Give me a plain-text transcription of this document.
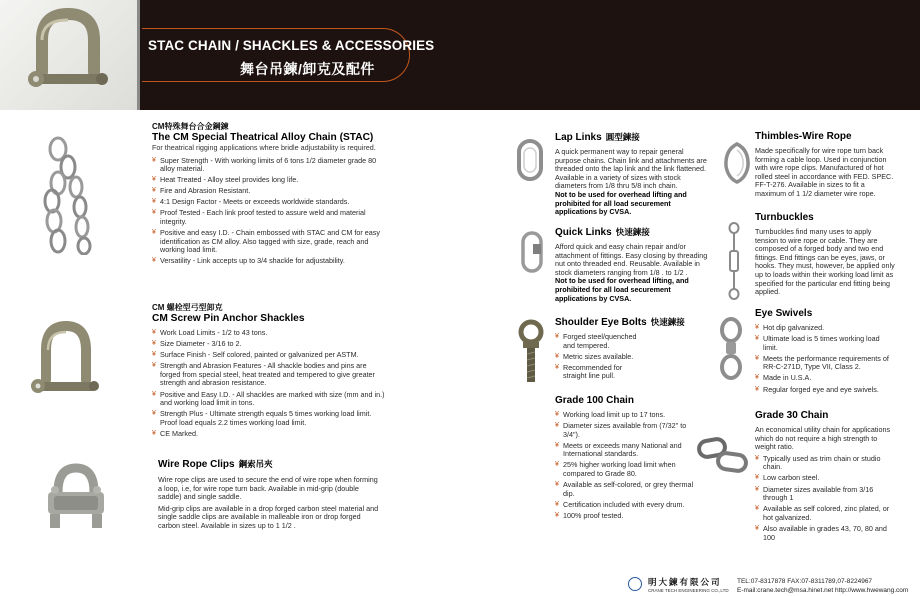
STAC CHAIN / SHACKLES & ACCESSORIES
舞台吊鍊/卸克及配件
CM特殊舞台合金鋼鍊
The CM Special Theatrical Alloy Chain (STAC)
For theatrical rigging applications where bridle adjustability is required.
¥ Super Strength - With working limits of 6 tons 1/2 diameter grade 80 alloy material.
¥ Heat Treated - Alloy steel provides long life.
¥ Fire and Abrasion Resistant.
¥ 4:1 Design Factor - Meets or exceeds worldwide standards.
¥ Proof Tested - Each link proof tested to assure weld and material integrity.
¥ Positive and easy I.D. - Chain embossed with STAC and CM for easy identification as CM alloy. Also tagged with size, grade, reach and working load limit.
¥ Versatility - Link accepts up to 3/4 shackle for adjustability.
CM 螺栓型弓型卸克
CM Screw Pin Anchor Shackles
¥ Work Load Limits - 1/2 to 43 tons.
¥ Size Diameter - 3/16 to 2.
¥ Surface Finish - Self colored, painted or galvanized per ASTM.
¥ Strength and Abrasion Features - All shackle bodies and pins are forged from special steel, heat treated and tempered to give greater strength and abrasion resistance.
¥ Positive and Easy I.D. - All shackles are marked with size (mm and in.) and working load limit in tons.
¥ Strength Plus - Ultimate strength equals 5 times working load limit. Proof load equals 2.2 times working load limit.
¥ CE Marked.
Wire Rope Clips 鋼索吊夾
Wire rope clips are used to secure the end of wire rope when forming a loop, i.e, for wire rope turn back. Available in mid-grip (double saddle) and single saddle.
Mid-grip clips are available in a drop forged carbon steel material and single saddle clips are available in malleable iron or drop forged carbon steel. Available in sizes up to 1 1/2 .
Lap Links 圓型鍊接
A quick permanent way to repair general purpose chains. Chain link and attachments are threaded onto the lap link and the link flattened. Available in a variety of sizes with stock diameters from 1/8 thru 5/8 inch chain.
Not to be used for overhead lifting and prohibited for all load securement applications by CVSA.
Quick Links 快速鍊接
Afford quick and easy chain repair and/or attachment of fittings. Easy closing by threading nut onto threaded end. Reusable. Available in stock diameters ranging from 1/8 . to 1/2 .
Not to be used for overhead lifting, and prohibited for all load securement applications by CVSA.
Shoulder Eye Bolts 快速鍊接
¥ Forged steel/quenched and tempered.
¥ Metric sizes available.
¥ Recommended for straight line pull.
Grade 100 Chain
¥ Working load limit up to 17 tons.
¥ Diameter sizes available from (7/32" to 3/4").
¥ Meets or exceeds many National and International standards.
¥ 25% higher working load limit when compared to Grade 80.
¥ Available as self-colored, or grey thermal dip.
¥ Certification included with every drum.
¥ 100% proof tested.
Thimbles-Wire Rope
Made specifically for wire rope turn back forming a cable loop. Used in conjunction with wire rope clips. Manufactured of hot rolled steel in accordance with FED. SPEC. FF-T-276. Available in sizes to fit a maximum of 1 1/2 diameter wire rope.
Turnbuckles
Turnbuckles find many uses to apply tension to wire rope or cable. They are composed of a forged body and two end fittings. End fittings can be eyes, jaws, or hooks. They must, however, be applied only up to loads within their working load limit as specified for the particular end fitting being applied.
Eye Swivels
¥ Hot dip galvanized.
¥ Ultimate load is 5 times working load limit.
¥ Meets the performance requirements of RR-C-271D, Type VII, Class 2.
¥ Made in U.S.A.
¥ Regular forged eye and eye swivels.
Grade 30 Chain
An economical utility chain for applications which do not require a high strength to weight ratio.
¥ Typically used as trim chain or studio chain.
¥ Low carbon steel.
¥ Diameter sizes available from 3/16 through 1
¥ Available as self colored, zinc plated, or hot galvanized.
¥ Also available in grades 43, 70, 80 and 100
明大鍊有限公司
CRANE TECH ENGINEERING CO.,LTD
TEL:07-8317878 FAX:07-8311789,07-8224967
E-mail:crane.tech@msa.hinet.net http://www.hwewang.com
